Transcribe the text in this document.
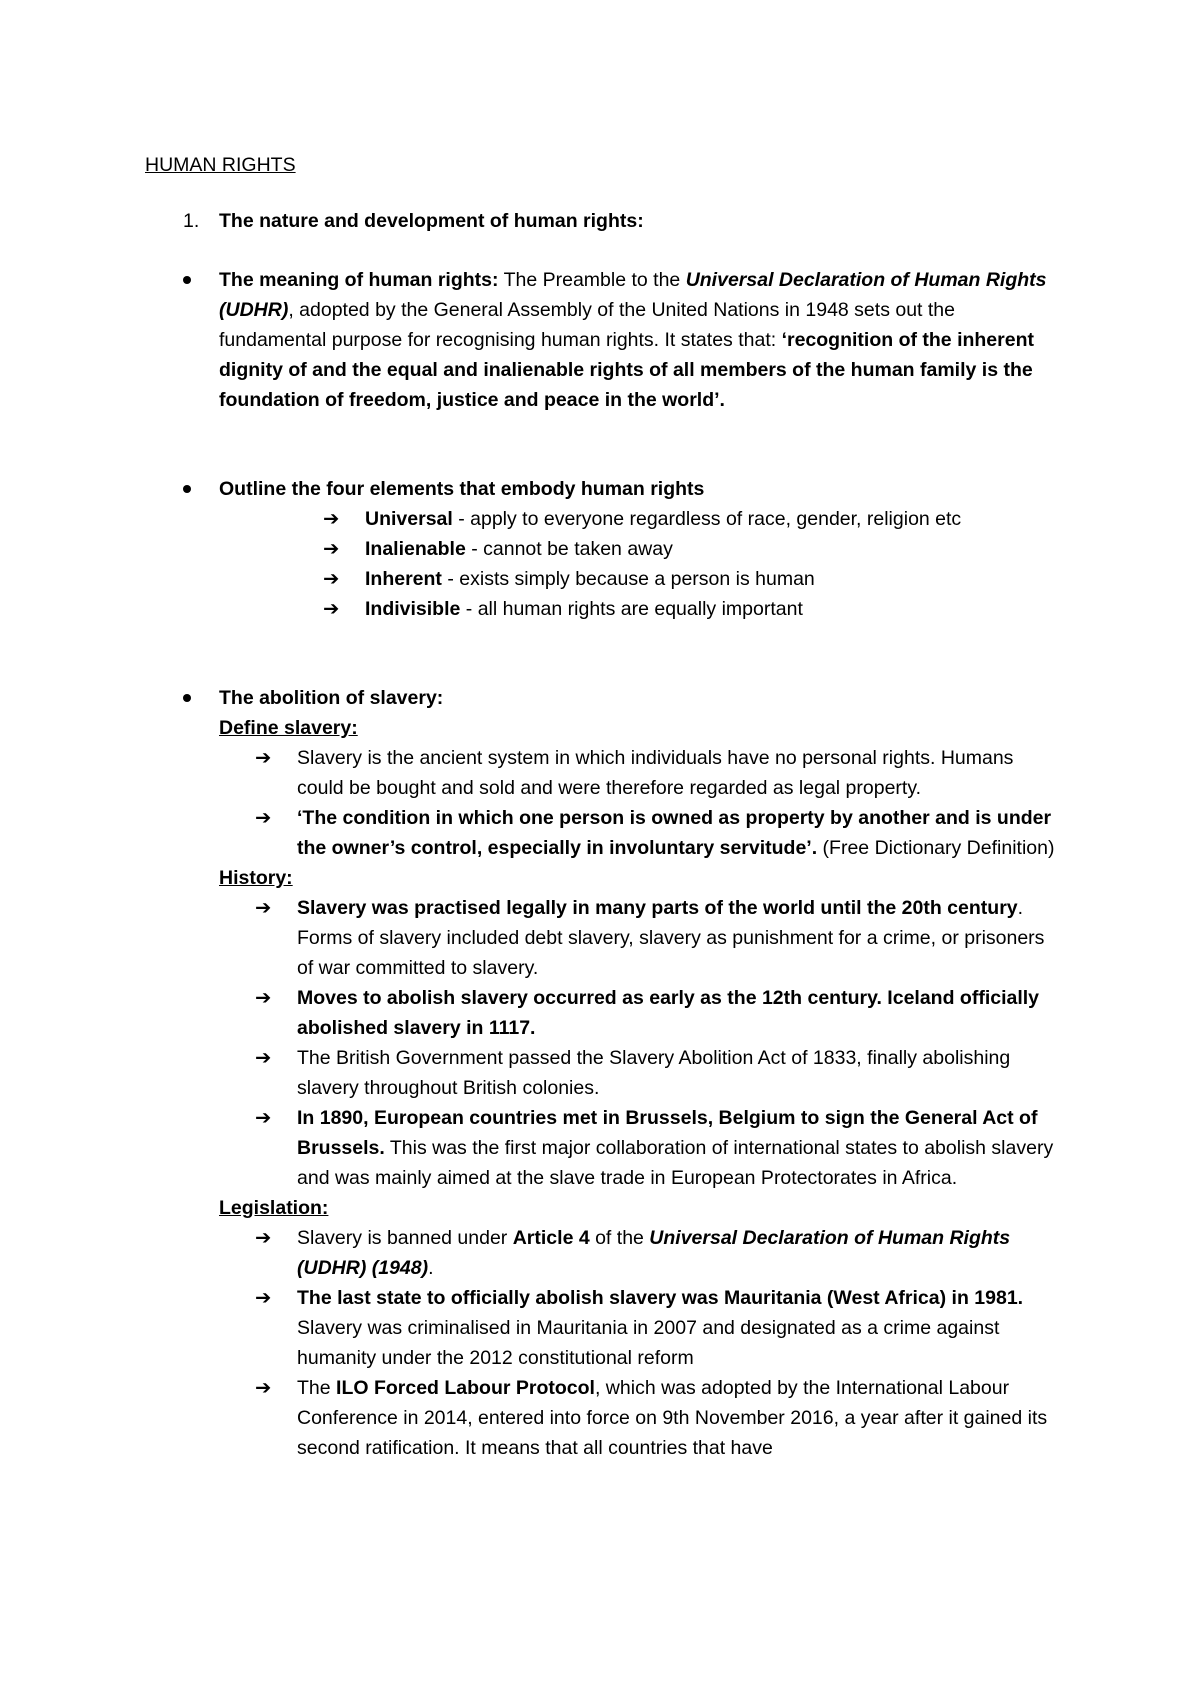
HUMAN RIGHTS
1. The nature and development of human rights:
The meaning of human rights: The Preamble to the Universal Declaration of Human Rights (UDHR), adopted by the General Assembly of the United Nations in 1948 sets out the fundamental purpose for recognising human rights. It states that: ‘recognition of the inherent dignity of and the equal and inalienable rights of all members of the human family is the foundation of freedom, justice and peace in the world’.
Outline the four elements that embody human rights
➔ Universal - apply to everyone regardless of race, gender, religion etc
➔ Inalienable - cannot be taken away
➔ Inherent - exists simply because a person is human
➔ Indivisible - all human rights are equally important
The abolition of slavery:
Define slavery:
➔ Slavery is the ancient system in which individuals have no personal rights. Humans could be bought and sold and were therefore regarded as legal property.
➔ ‘The condition in which one person is owned as property by another and is under the owner’s control, especially in involuntary servitude’. (Free Dictionary Definition)
History:
➔ Slavery was practised legally in many parts of the world until the 20th century. Forms of slavery included debt slavery, slavery as punishment for a crime, or prisoners of war committed to slavery.
➔ Moves to abolish slavery occurred as early as the 12th century. Iceland officially abolished slavery in 1117.
➔ The British Government passed the Slavery Abolition Act of 1833, finally abolishing slavery throughout British colonies.
➔ In 1890, European countries met in Brussels, Belgium to sign the General Act of Brussels. This was the first major collaboration of international states to abolish slavery and was mainly aimed at the slave trade in European Protectorates in Africa.
Legislation:
➔ Slavery is banned under Article 4 of the Universal Declaration of Human Rights (UDHR) (1948).
➔ The last state to officially abolish slavery was Mauritania (West Africa) in 1981. Slavery was criminalised in Mauritania in 2007 and designated as a crime against humanity under the 2012 constitutional reform
➔ The ILO Forced Labour Protocol, which was adopted by the International Labour Conference in 2014, entered into force on 9th November 2016, a year after it gained its second ratification. It means that all countries that have
